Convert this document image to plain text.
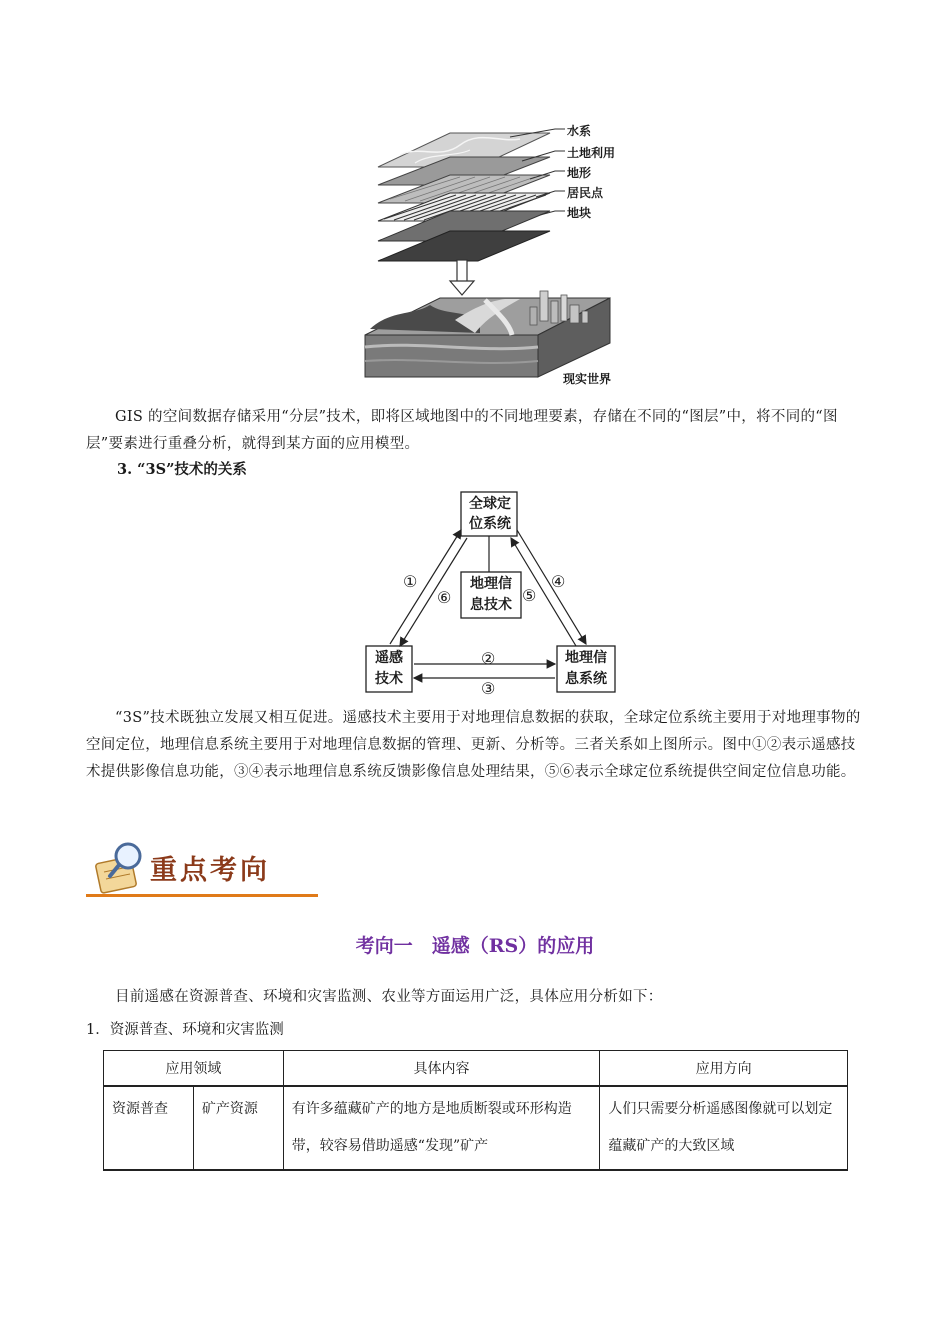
水系
土地利用
地形
居民点
地块
现实世界
GIS 的空间数据存储采用“分层”技术，即将区域地图中的不同地理要素，存储在不同的“图层”中，将不同的“图层”要素进行重叠分析，就得到某方面的应用模型。
3. “3S”技术的关系
全球定
位系统
地理信
息技术
遥感
技术
地理信
息系统
①
②
③
④
⑤
⑥
“3S”技术既独立发展又相互促进。遥感技术主要用于对地理信息数据的获取，全球定位系统主要用于对地理事物的空间定位，地理信息系统主要用于对地理信息数据的管理、更新、分析等。三者关系如上图所示。图中①②表示遥感技术提供影像信息功能，③④表示地理信息系统反馈影像信息处理结果，⑤⑥表示全球定位系统提供空间定位信息功能。
重点考向
考向一　遥感（RS）的应用
目前遥感在资源普查、环境和灾害监测、农业等方面运用广泛，具体应用分析如下：
1．资源普查、环境和灾害监测
应用领域		具体内容	应用方向
资源普查	矿产资源	有许多蕴藏矿产的地方是地质断裂或环形构造带，较容易借助遥感“发现”矿产	人们只需要分析遥感图像就可以划定蕴藏矿产的大致区域
